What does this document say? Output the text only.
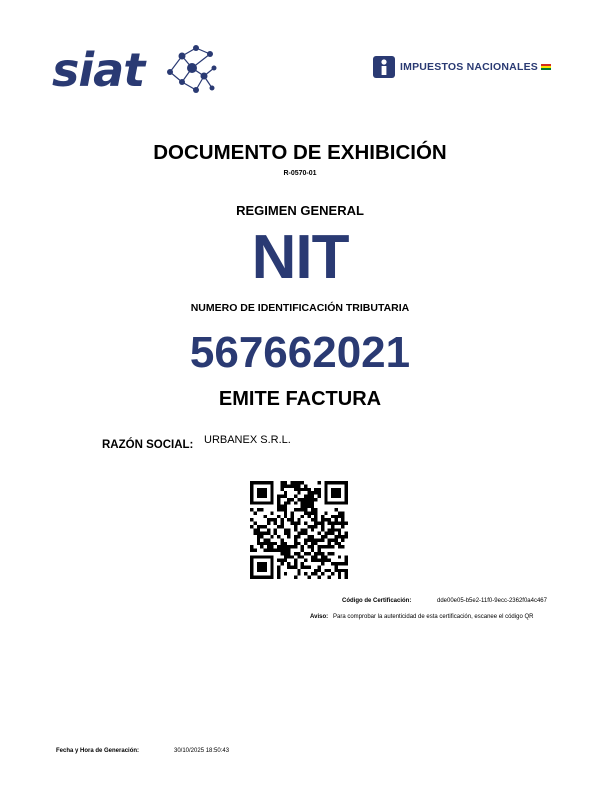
siat	IMPUESTOS NACIONALES
DOCUMENTO DE EXHIBICIÓN
R-0570-01
REGIMEN GENERAL
NIT
NUMERO DE IDENTIFICACIÓN TRIBUTARIA
567662021
EMITE FACTURA
RAZÓN SOCIAL: URBANEX S.R.L.
Código de Certificación:	dde00e05-b5e2-11f0-9ecc-2362f0a4c467
Aviso: Para comprobar la autenticidad de esta certificación, escanee el código QR
Fecha y Hora de Generación:	30/10/2025 18:50:43
